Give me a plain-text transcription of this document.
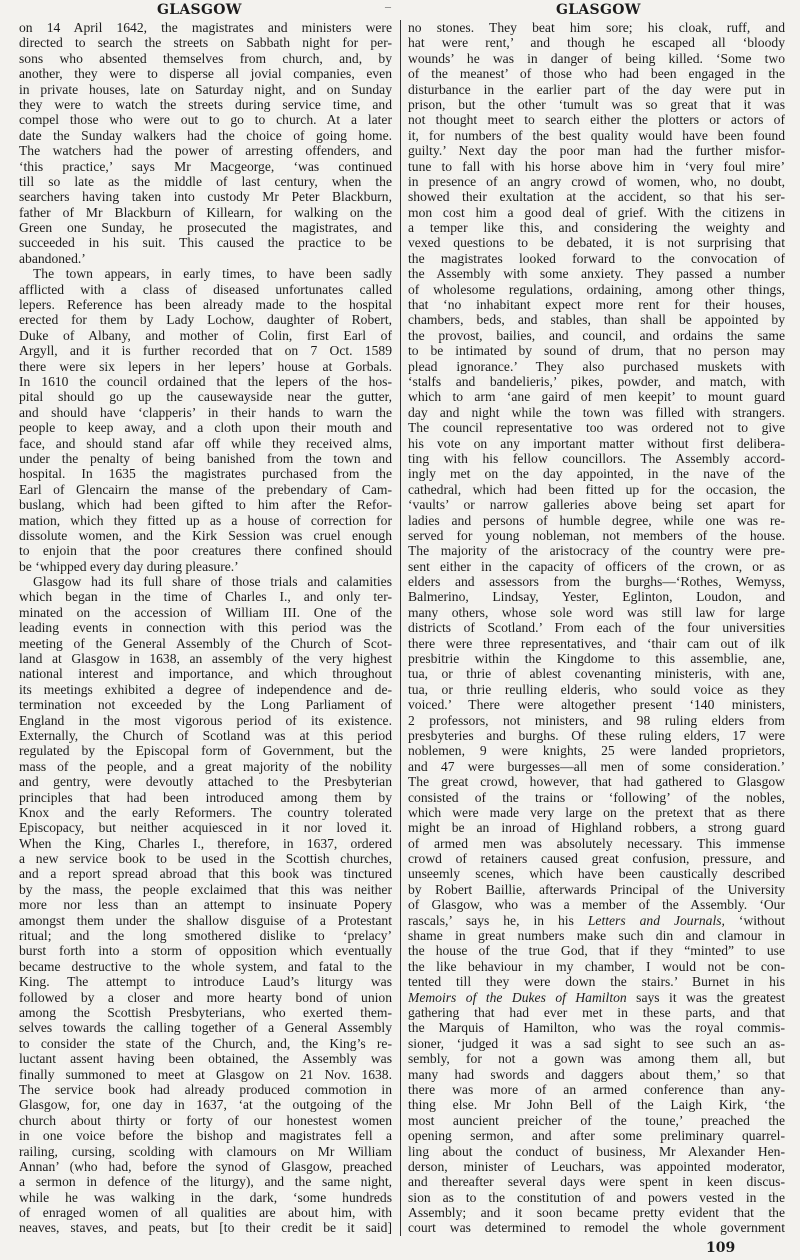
GLASGOW	–	GLASGOW
on 14 April 1642, the magistrates and ministers were
directed to search the streets on Sabbath night for per-
sons who absented themselves from church, and, by
another, they were to disperse all jovial companies, even
in private houses, late on Saturday night, and on Sunday
they were to watch the streets during service time, and
compel those who were out to go to church. At a later
date the Sunday walkers had the choice of going home.
The watchers had the power of arresting offenders, and
‘this practice,’ says Mr Macgeorge, ‘was continued
till so late as the middle of last century, when the
searchers having taken into custody Mr Peter Blackburn,
father of Mr Blackburn of Killearn, for walking on the
Green one Sunday, he prosecuted the magistrates, and
succeeded in his suit. This caused the practice to be
abandoned.’
The town appears, in early times, to have been sadly
afflicted with a class of diseased unfortunates called
lepers. Reference has been already made to the hospital
erected for them by Lady Lochow, daughter of Robert,
Duke of Albany, and mother of Colin, first Earl of
Argyll, and it is further recorded that on 7 Oct. 1589
there were six lepers in her lepers’ house at Gorbals.
In 1610 the council ordained that the lepers of the hos-
pital should go up the causewayside near the gutter,
and should have ‘clapperis’ in their hands to warn the
people to keep away, and a cloth upon their mouth and
face, and should stand afar off while they received alms,
under the penalty of being banished from the town and
hospital. In 1635 the magistrates purchased from the
Earl of Glencairn the manse of the prebendary of Cam-
buslang, which had been gifted to him after the Refor-
mation, which they fitted up as a house of correction for
dissolute women, and the Kirk Session was cruel enough
to enjoin that the poor creatures there confined should
be ‘whipped every day during pleasure.’
Glasgow had its full share of those trials and calamities
which began in the time of Charles I., and only ter-
minated on the accession of William III. One of the
leading events in connection with this period was the
meeting of the General Assembly of the Church of Scot-
land at Glasgow in 1638, an assembly of the very highest
national interest and importance, and which throughout
its meetings exhibited a degree of independence and de-
termination not exceeded by the Long Parliament of
England in the most vigorous period of its existence.
Externally, the Church of Scotland was at this period
regulated by the Episcopal form of Government, but the
mass of the people, and a great majority of the nobility
and gentry, were devoutly attached to the Presbyterian
principles that had been introduced among them by
Knox and the early Reformers. The country tolerated
Episcopacy, but neither acquiesced in it nor loved it.
When the King, Charles I., therefore, in 1637, ordered
a new service book to be used in the Scottish churches,
and a report spread abroad that this book was tinctured
by the mass, the people exclaimed that this was neither
more nor less than an attempt to insinuate Popery
amongst them under the shallow disguise of a Protestant
ritual; and the long smothered dislike to ‘prelacy’
burst forth into a storm of opposition which eventually
became destructive to the whole system, and fatal to the
King. The attempt to introduce Laud’s liturgy was
followed by a closer and more hearty bond of union
among the Scottish Presbyterians, who exerted them-
selves towards the calling together of a General Assembly
to consider the state of the Church, and, the King’s re-
luctant assent having been obtained, the Assembly was
finally summoned to meet at Glasgow on 21 Nov. 1638.
The service book had already produced commotion in
Glasgow, for, one day in 1637, ‘at the outgoing of the
church about thirty or forty of our honestest women
in one voice before the bishop and magistrates fell a
railing, cursing, scolding with clamours on Mr William
Annan’ (who had, before the synod of Glasgow, preached
a sermon in defence of the liturgy), and the same night,
while he was walking in the dark, ‘some hundreds
of enraged women of all qualities are about him, with
neaves, staves, and peats, but [to their credit be it said]
no stones. They beat him sore; his cloak, ruff, and
hat were rent,’ and though he escaped all ‘bloody
wounds’ he was in danger of being killed. ‘Some two
of the meanest’ of those who had been engaged in the
disturbance in the earlier part of the day were put in
prison, but the other ‘tumult was so great that it was
not thought meet to search either the plotters or actors of
it, for numbers of the best quality would have been found
guilty.’ Next day the poor man had the further misfor-
tune to fall with his horse above him in ‘very foul mire’
in presence of an angry crowd of women, who, no doubt,
showed their exultation at the accident, so that his ser-
mon cost him a good deal of grief. With the citizens in
a temper like this, and considering the weighty and
vexed questions to be debated, it is not surprising that
the magistrates looked forward to the convocation of
the Assembly with some anxiety. They passed a number
of wholesome regulations, ordaining, among other things,
that ‘no inhabitant expect more rent for their houses,
chambers, beds, and stables, than shall be appointed by
the provost, bailies, and council, and ordains the same
to be intimated by sound of drum, that no person may
plead ignorance.’ They also purchased muskets with
‘stalfs and bandelieris,’ pikes, powder, and match, with
which to arm ‘ane gaird of men keepit’ to mount guard
day and night while the town was filled with strangers.
The council representative too was ordered not to give
his vote on any important matter without first delibera-
ting with his fellow councillors. The Assembly accord-
ingly met on the day appointed, in the nave of the
cathedral, which had been fitted up for the occasion, the
‘vaults’ or narrow galleries above being set apart for
ladies and persons of humble degree, while one was re-
served for young nobleman, not members of the house.
The majority of the aristocracy of the country were pre-
sent either in the capacity of officers of the crown, or as
elders and assessors from the burghs—‘Rothes, Wemyss,
Balmerino, Lindsay, Yester, Eglinton, Loudon, and
many others, whose sole word was still law for large
districts of Scotland.’ From each of the four universities
there were three representatives, and ‘thair cam out of ilk
presbitrie within the Kingdome to this assemblie, ane,
tua, or thrie of ablest covenanting ministeris, with ane,
tua, or thrie reulling elderis, who sould voice as they
voiced.’ There were altogether present ‘140 ministers,
2 professors, not ministers, and 98 ruling elders from
presbyteries and burghs. Of these ruling elders, 17 were
noblemen, 9 were knights, 25 were landed proprietors,
and 47 were burgesses—all men of some consideration.’
The great crowd, however, that had gathered to Glasgow
consisted of the trains or ‘following’ of the nobles,
which were made very large on the pretext that as there
might be an inroad of Highland robbers, a strong guard
of armed men was absolutely necessary. This immense
crowd of retainers caused great confusion, pressure, and
unseemly scenes, which have been caustically described
by Robert Baillie, afterwards Principal of the University
of Glasgow, who was a member of the Assembly. ‘Our
rascals,’ says he, in his Letters and Journals, ‘without
shame in great numbers make such din and clamour in
the house of the true God, that if they “minted” to use
the like behaviour in my chamber, I would not be con-
tented till they were down the stairs.’ Burnet in his
Memoirs of the Dukes of Hamilton says it was the greatest
gathering that had ever met in these parts, and that
the Marquis of Hamilton, who was the royal commis-
sioner, ‘judged it was a sad sight to see such an as-
sembly, for not a gown was among them all, but
many had swords and daggers about them,’ so that
there was more of an armed conference than any-
thing else. Mr John Bell of the Laigh Kirk, ‘the
most auncient preicher of the toune,’ preached the
opening sermon, and after some preliminary quarrel-
ling about the conduct of business, Mr Alexander Hen-
derson, minister of Leuchars, was appointed moderator,
and thereafter several days were spent in keen discus-
sion as to the constitution of and powers vested in the
Assembly; and it soon became pretty evident that the
court was determined to remodel the whole government
109
